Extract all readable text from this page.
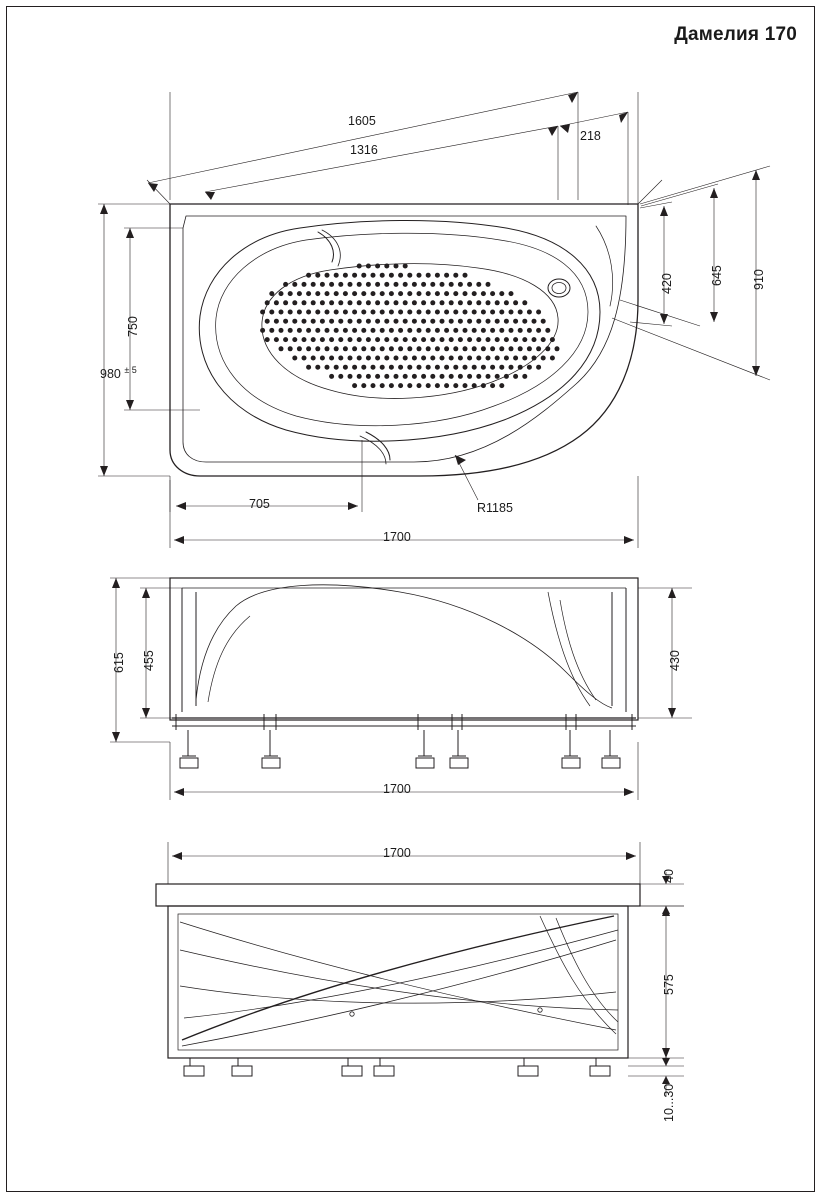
Дамелия 170
1605
1316
218
910
645
420
750
980 $^{\pm 5}$
705
1700
R1185
615 455	430
1700
1700
40
575
10...30
